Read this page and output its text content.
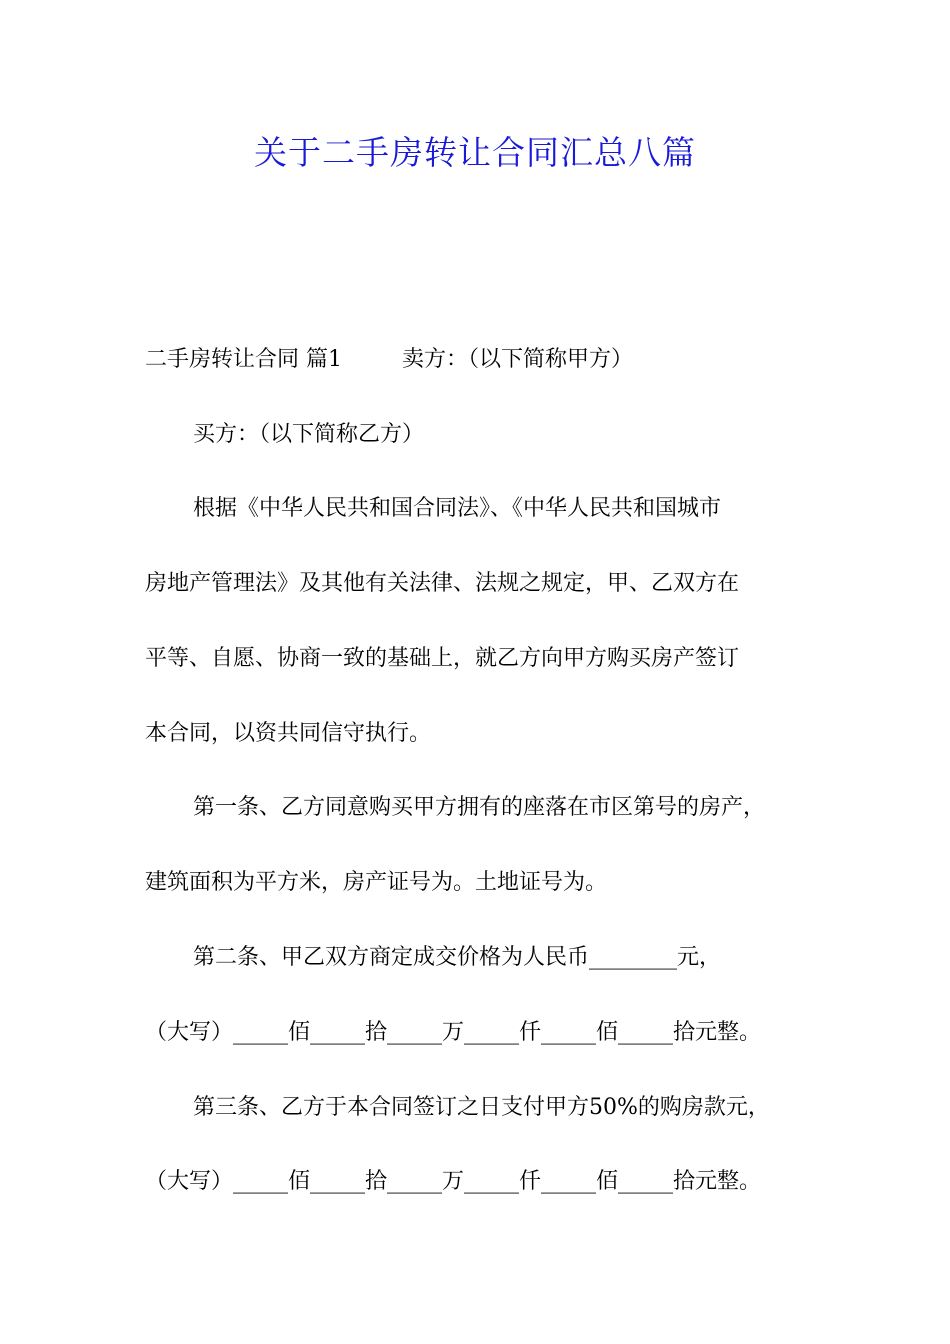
关于二手房转让合同汇总八篇
二手房转让合同 篇1	卖方：（以下简称甲方）
买方：（以下简称乙方）
根据《中华人民共和国合同法》、《中华人民共和国城市
房地产管理法》及其他有关法律、法规之规定，甲、乙双方在
平等、自愿、协商一致的基础上，就乙方向甲方购买房产签订
本合同，以资共同信守执行。
第一条、乙方同意购买甲方拥有的座落在市区第号的房产，
建筑面积为平方米，房产证号为。土地证号为。
第二条、甲乙双方商定成交价格为人民币________元，
（大写）_____佰_____拾_____万_____仟_____佰_____拾元整。
第三条、乙方于本合同签订之日支付甲方50%的购房款元，
（大写）_____佰_____拾_____万_____仟_____佰_____拾元整。
